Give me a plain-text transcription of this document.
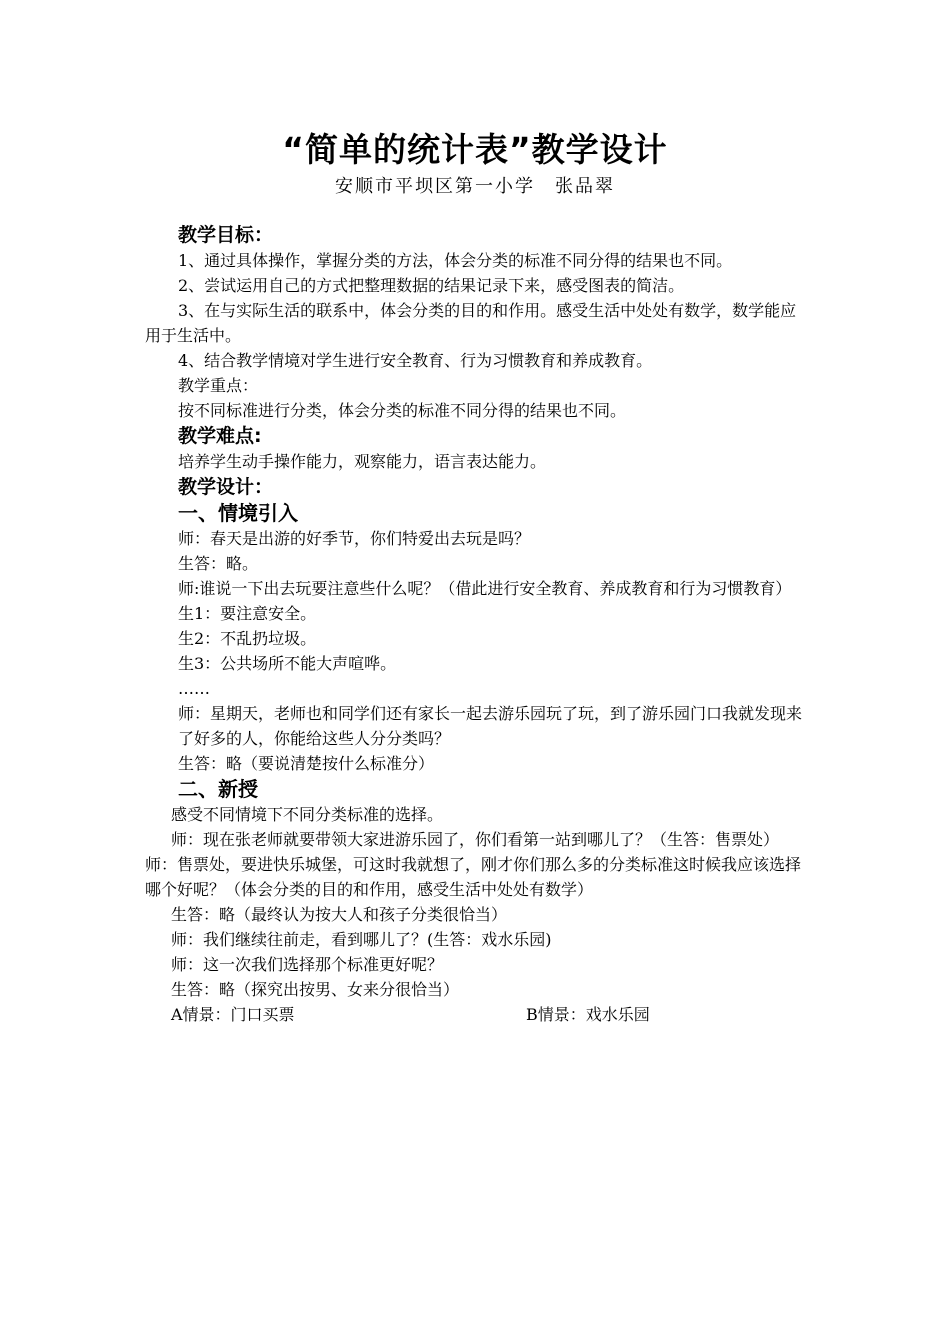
“简单的统计表”教学设计
安顺市平坝区第一小学　张品翠

教学目标：

1、通过具体操作，掌握分类的方法，体会分类的标准不同分得的结果也不同。

2、尝试运用自己的方式把整理数据的结果记录下来，感受图表的简洁。

3、在与实际生活的联系中，体会分类的目的和作用。感受生活中处处有数学，数学能应用于生活中。

4、结合教学情境对学生进行安全教育、行为习惯教育和养成教育。

教学重点：

按不同标准进行分类，体会分类的标准不同分得的结果也不同。

教学难点:

培养学生动手操作能力，观察能力，语言表达能力。

教学设计：

一、情境引入

师：春天是出游的好季节，你们特爱出去玩是吗？

生答：略。

师:谁说一下出去玩要注意些什么呢？（借此进行安全教育、养成教育和行为习惯教育）

生1：要注意安全。

生2：不乱扔垃圾。

生3：公共场所不能大声喧哗。

……

师：星期天，老师也和同学们还有家长一起去游乐园玩了玩，到了游乐园门口我就发现来了好多的人，你能给这些人分分类吗？

生答：略（要说清楚按什么标准分）

二、新授

感受不同情境下不同分类标准的选择。

师：现在张老师就要带领大家进游乐园了，你们看第一站到哪儿了？（生答：售票处）师：售票处，要进快乐城堡，可这时我就想了，刚才你们那么多的分类标准这时候我应该选择哪个好呢？（体会分类的目的和作用，感受生活中处处有数学）

生答：略（最终认为按大人和孩子分类很恰当）

师：我们继续往前走，看到哪儿了？(生答：戏水乐园)

师：这一次我们选择那个标准更好呢？

生答：略（探究出按男、女来分很恰当）

A情景：门口买票	B情景：戏水乐园
